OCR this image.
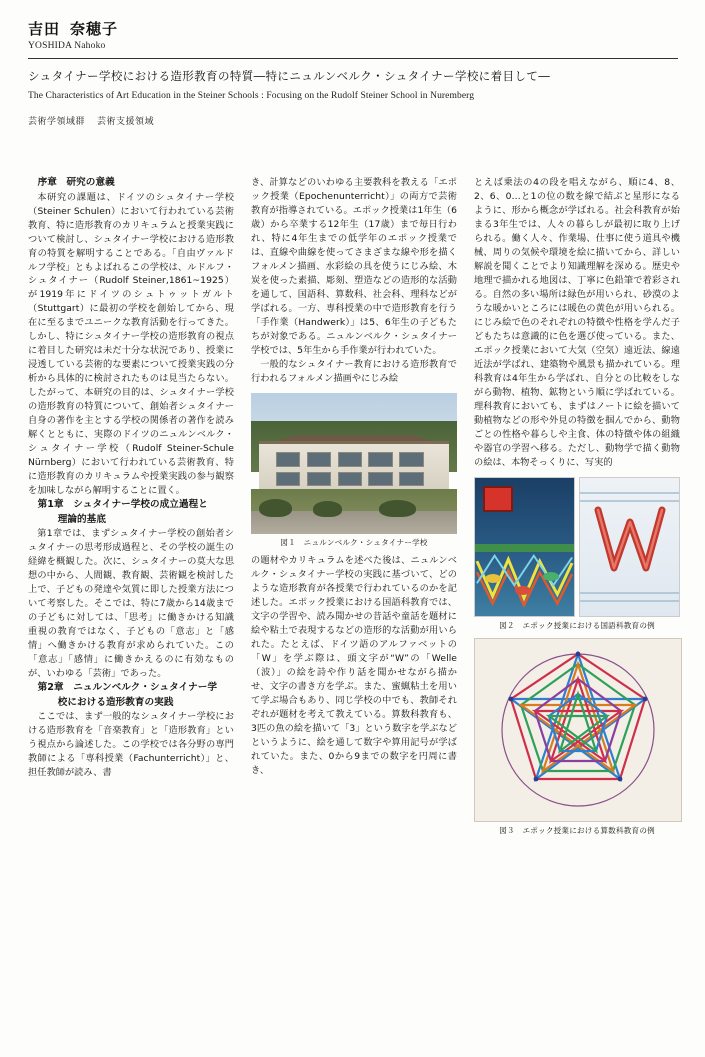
吉田 奈穂子
YOSHIDA Nahoko
シュタイナー学校における造形教育の特質―特にニュルンベルク・シュタイナー学校に着目して―
The Characteristics of Art Education in the Steiner Schools : Focusing on the Rudolf Steiner School in Nuremberg
芸術学領域群 芸術支援領域

序章　研究の意義

本研究の課題は、ドイツのシュタイナー学校（Steiner Schulen）において行われている芸術教育、特に造形教育のカリキュラムと授業実践について検討し、シュタイナー学校における造形教育の特質を解明することである。「自由ヴァルドルフ学校」ともよばれるこの学校は、ルドルフ・シュタイナー（Rudolf Steiner,1861~1925）が1919年にドイツのシュトゥットガルト（Stuttgart）に最初の学校を創始してから、現在に至るまでユニークな教育活動を行ってきた。しかし、特にシュタイナー学校の造形教育の視点に着目した研究は未だ十分な状況であり、授業に浸透している芸術的な要素について授業実践の分析から具体的に検討されたものは見当たらない。したがって、本研究の目的は、シュタイナー学校の造形教育の特質について、創始者シュタイナー自身の著作を主とする学校の関係者の著作を読み解くとともに、実際のドイツのニュルンベルク・シュタイナー学校（Rudolf Steiner-Schule Nürnberg）において行われている芸術教育、特に造形教育のカリキュラムや授業実践の参与観察を加味しながら解明することに置く。

第1章　シュタイナー学校の成立過程と

理論的基底

第1章では、まずシュタイナー学校の創始者シュタイナーの思考形成過程と、その学校の誕生の経緯を概観した。次に、シュタイナーの莫大な思想の中から、人間観、教育観、芸術観を検討した上で、子どもの発達や気質に即した授業方法について考察した。そこでは、特に7歳から14歳までの子どもに対しては、「思考」に働きかける知識重視の教育ではなく、子どもの「意志」と「感情」へ働きかける教育が求められていた。この「意志」「感情」に働きかえるのに有効なものが、いわゆる「芸術」であった。

第2章　ニュルンベルク・シュタイナー学

校における造形教育の実践

ここでは、まず一般的なシュタイナー学校における造形教育を「音楽教育」と「造形教育」という視点から論述した。この学校では各分野の専門教師による「専科授業（Fachunterricht）」と、担任教師が読み、書

き、計算などのいわゆる主要教科を教える「エポック授業（Epochenunterricht）」の両方で芸術教育が指導されている。エポック授業は1年生（6歳）から卒業する12年生（17歳）まで毎日行われ、特に4年生までの低学年のエポック授業では、直線や曲線を使ってさまざまな線や形を描くフォルメン描画、水彩絵の具を使うにじみ絵、木炭を使った素描、彫刻、塑造などの造形的な活動を通して、国語科、算数科、社会科、理科などが学ばれる。一方、専科授業の中で造形教育を行う「手作業（Handwerk）」は5、6年生の子どもたちが対象である。ニュルンベルク・シュタイナー学校では、5年生から手作業が行われていた。

一般的なシュタイナー教育における造形教育で行われるフォルメン描画やにじみ絵

図１　ニュルンベルク・シュタイナー学校

の題材やカリキュラムを述べた後は、ニュルンベルク・シュタイナー学校の実践に基づいて、どのような造形教育が各授業で行われているのかを記述した。エポック授業における国語科教育では、文字の学習や、読み聞かせの昔話や童話を題材に絵や粘土で表現するなどの造形的な活動が用いられた。たとえば、ドイツ語のアルファベットの「W」を学ぶ際は、頭文字が“W”の「Welle（波）」の絵を詩や作り話を聞かせながら描かせ、文字の書き方を学ぶ。また、蜜蝋粘土を用いて学ぶ場合もあり、同じ学校の中でも、教師それぞれが題材を考えて教えている。算数科教育も、3匹の魚の絵を描いて「3」という数字を学ぶなどというように、絵を通して数字や算用記号が学ばれていた。また、0から9までの数字を円周に書き、

とえば乗法の4の段を唱えながら、順に4、8、2、6、0…と1の位の数を線で結ぶと星形になるように、形から概念が学ばれる。社会科教育が始まる3年生では、人々の暮らしが最初に取り上げられる。働く人々、作業場、仕事に使う道具や機械、周りの気候や環境を絵に描いてから、詳しい解説を聞くことでより知識理解を深める。歴史や地理で描かれる地図は、丁寧に色鉛筆で着彩される。自然の多い場所は緑色が用いられ、砂漠のような暖かいところには暖色の黄色が用いられる。にじみ絵で色のそれぞれの特徴や性格を学んだ子どもたちは意識的に色を選び使っている。また、エポック授業において大気（空気）遠近法、線遠近法が学ばれ、建築物や風景も描かれている。理科教育は4年生から学ばれ、自分との比較をしながら動物、植物、鉱物という順に学ばれている。理科教育においても、まずはノートに絵を描いて動植物などの形や外見の特徴を掴んでから、動物ごとの性格や暮らしや主食、体の特徴や体の組織や器官の学習へ移る。ただし、動物学で描く動物の絵は、本物そっくりに、写実的

図２　エポック授業における国語科教育の例
図３　エポック授業における算数科教育の例
